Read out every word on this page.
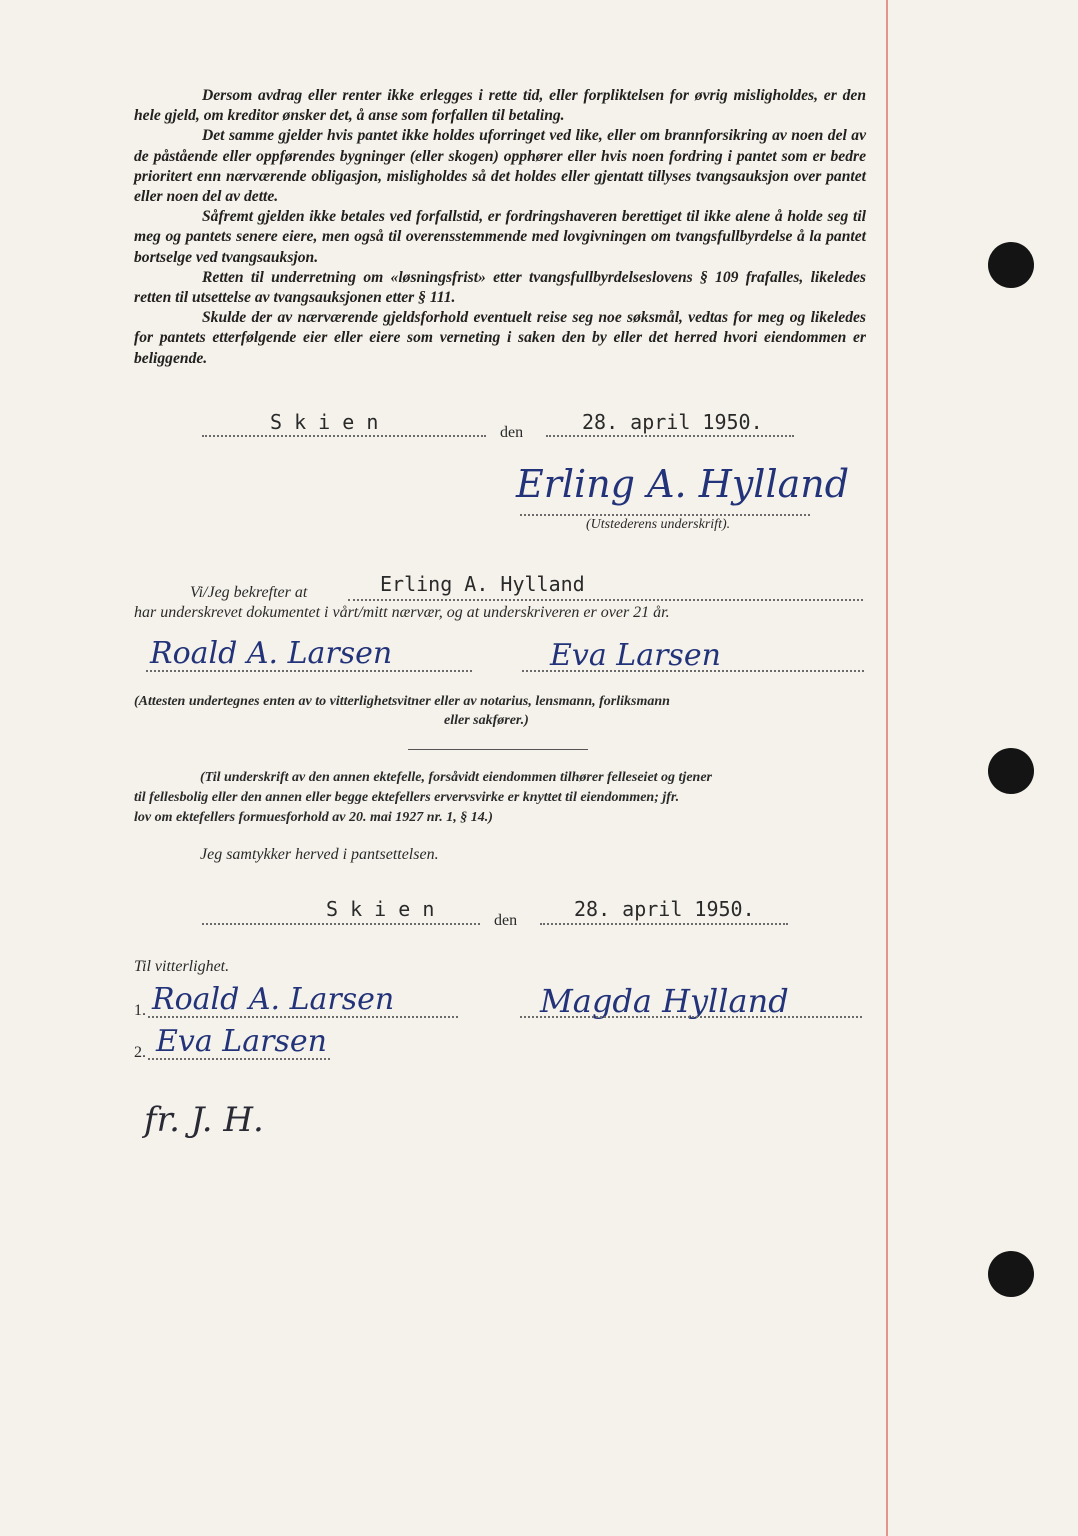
Dersom avdrag eller renter ikke erlegges i rette tid, eller forpliktelsen for øvrig misligholdes, er den hele gjeld, om kreditor ønsker det, å anse som forfallen til betaling.

Det samme gjelder hvis pantet ikke holdes uforringet ved like, eller om brannforsikring av noen del av de påstående eller oppførendes bygninger (eller skogen) opphører eller hvis noen fordring i pantet som er bedre prioritert enn nærværende obligasjon, misligholdes så det holdes eller gjentatt tillyses tvangsauksjon over pantet eller noen del av dette.

Såfremt gjelden ikke betales ved forfallstid, er fordringshaveren berettiget til ikke alene å holde seg til meg og pantets senere eiere, men også til overensstemmende med lovgivningen om tvangsfullbyrdelse å la pantet bortselge ved tvangsauksjon.

Retten til underretning om «løsningsfrist» etter tvangsfullbyrdelseslovens § 109 frafalles, likeledes retten til utsettelse av tvangsauksjonen etter § 111.

Skulde der av nærværende gjeldsforhold eventuelt reise seg noe søksmål, vedtas for meg og likeledes for pantets etterfølgende eier eller eiere som verneting i saken den by eller det herred hvori eiendommen er beliggende.

S k i e n	den	28. april 1950.
Erling A. Hylland
(Utstederens underskrift).
Vi/Jeg bekrefter at	Erling A. Hylland
har underskrevet dokumentet i vårt/mitt nærvær, og at underskriveren er over 21 år.
Roald A. Larsen	Eva Larsen
(Attesten undertegnes enten av to vitterlighetsvitner eller av notarius, lensmann, forliksmann
eller sakfører.)
(Til underskrift av den annen ektefelle, forsåvidt eiendommen tilhører felleseiet og tjener
til fellesbolig eller den annen eller begge ektefellers ervervsvirke er knyttet til eiendommen; jfr.
lov om ektefellers formuesforhold av 20. mai 1927 nr. 1, § 14.)
Jeg samtykker herved i pantsettelsen.
S k i e n	den	28. april 1950.
Til vitterlighet.
1. Roald A. Larsen	Magda Hylland
2. Eva Larsen
fr. J. H.
